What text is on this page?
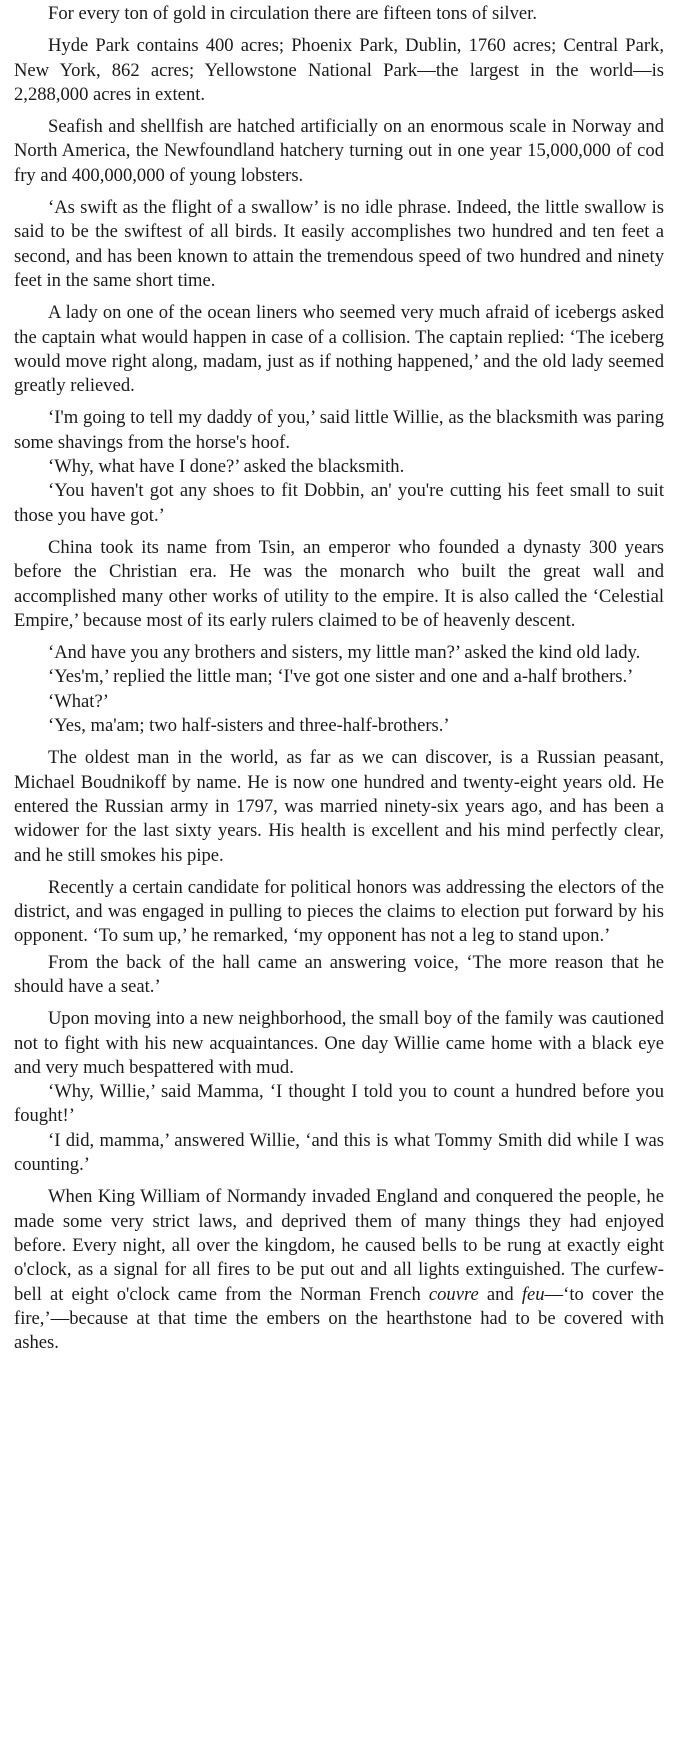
For every ton of gold in circulation there are fifteen tons of silver.

Hyde Park contains 400 acres; Phoenix Park, Dublin, 1760 acres; Central Park, New York, 862 acres; Yellowstone National Park—the largest in the world—is 2,288,000 acres in extent.

Seafish and shellfish are hatched artificially on an enormous scale in Norway and North America, the Newfoundland hatchery turning out in one year 15,000,000 of cod fry and 400,000,000 of young lobsters.

‘As swift as the flight of a swallow’ is no idle phrase. Indeed, the little swallow is said to be the swiftest of all birds. It easily accomplishes two hundred and ten feet a second, and has been known to attain the tremendous speed of two hundred and ninety feet in the same short time.

A lady on one of the ocean liners who seemed very much afraid of icebergs asked the captain what would happen in case of a collision. The captain replied: ‘The iceberg would move right along, madam, just as if nothing happened,’ and the old lady seemed greatly relieved.

‘I'm going to tell my daddy of you,’ said little Willie, as the blacksmith was paring some shavings from the horse's hoof.

‘Why, what have I done?’ asked the blacksmith.

‘You haven't got any shoes to fit Dobbin, an' you're cutting his feet small to suit those you have got.’

China took its name from Tsin, an emperor who founded a dynasty 300 years before the Christian era. He was the monarch who built the great wall and accomplished many other works of utility to the empire. It is also called the ‘Celestial Empire,’ because most of its early rulers claimed to be of heavenly descent.

‘And have you any brothers and sisters, my little man?’ asked the kind old lady.

‘Yes'm,’ replied the little man; ‘I've got one sister and one and a-half brothers.’

‘What?’

‘Yes, ma'am; two half-sisters and three-half-brothers.’

The oldest man in the world, as far as we can discover, is a Russian peasant, Michael Boudnikoff by name. He is now one hundred and twenty-eight years old. He entered the Russian army in 1797, was married ninety-six years ago, and has been a widower for the last sixty years. His health is excellent and his mind perfectly clear, and he still smokes his pipe.

Recently a certain candidate for political honors was addressing the electors of the district, and was engaged in pulling to pieces the claims to election put forward by his opponent. ‘To sum up,’ he remarked, ‘my opponent has not a leg to stand upon.’

From the back of the hall came an answering voice, ‘The more reason that he should have a seat.’

Upon moving into a new neighborhood, the small boy of the family was cautioned not to fight with his new acquaintances. One day Willie came home with a black eye and very much bespattered with mud.

‘Why, Willie,’ said Mamma, ‘I thought I told you to count a hundred before you fought!’

‘I did, mamma,’ answered Willie, ‘and this is what Tommy Smith did while I was counting.’

When King William of Normandy invaded England and conquered the people, he made some very strict laws, and deprived them of many things they had enjoyed before. Every night, all over the kingdom, he caused bells to be rung at exactly eight o'clock, as a signal for all fires to be put out and all lights extinguished. The curfew-bell at eight o'clock came from the Norman French couvre and feu—‘to cover the fire,’—because at that time the embers on the hearthstone had to be covered with ashes.
